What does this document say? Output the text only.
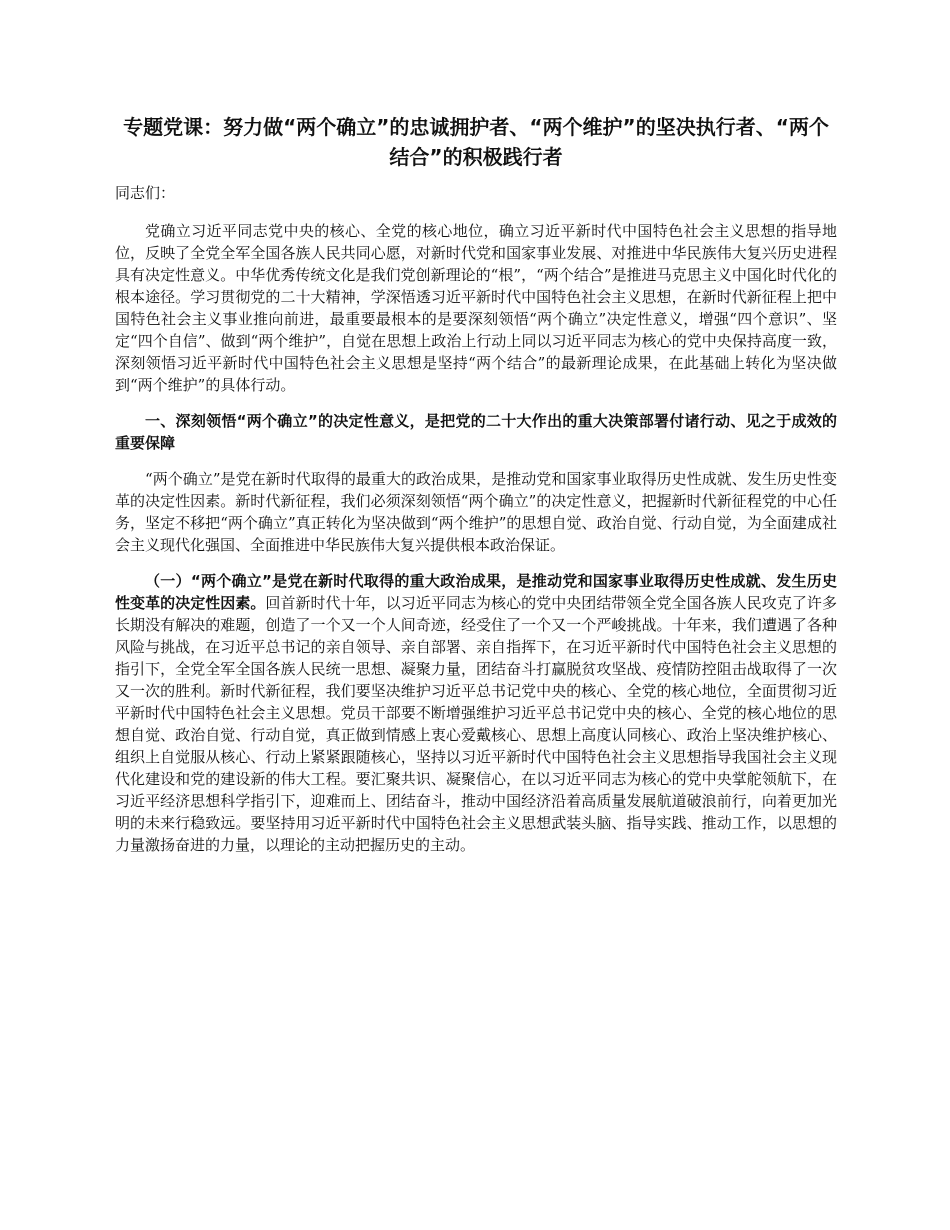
专题党课：努力做“两个确立”的忠诚拥护者、“两个维护”的坚决执行者、“两个结合”的积极践行者

同志们：

党确立习近平同志党中央的核心、全党的核心地位，确立习近平新时代中国特色社会主义思想的指导地位，反映了全党全军全国各族人民共同心愿，对新时代党和国家事业发展、对推进中华民族伟大复兴历史进程具有决定性意义。中华优秀传统文化是我们党创新理论的“根”，“两个结合”是推进马克思主义中国化时代化的根本途径。学习贯彻党的二十大精神，学深悟透习近平新时代中国特色社会主义思想，在新时代新征程上把中国特色社会主义事业推向前进，最重要最根本的是要深刻领悟“两个确立”决定性意义，增强“四个意识”、坚定“四个自信”、做到“两个维护”，自觉在思想上政治上行动上同以习近平同志为核心的党中央保持高度一致，深刻领悟习近平新时代中国特色社会主义思想是坚持“两个结合”的最新理论成果，在此基础上转化为坚决做到“两个维护”的具体行动。

一、深刻领悟“两个确立”的决定性意义，是把党的二十大作出的重大决策部署付诸行动、见之于成效的重要保障

“两个确立”是党在新时代取得的最重大的政治成果，是推动党和国家事业取得历史性成就、发生历史性变革的决定性因素。新时代新征程，我们必须深刻领悟“两个确立”的决定性意义，把握新时代新征程党的中心任务，坚定不移把“两个确立”真正转化为坚决做到“两个维护”的思想自觉、政治自觉、行动自觉，为全面建成社会主义现代化强国、全面推进中华民族伟大复兴提供根本政治保证。

（一）“两个确立”是党在新时代取得的重大政治成果，是推动党和国家事业取得历史性成就、发生历史性变革的决定性因素。回首新时代十年，以习近平同志为核心的党中央团结带领全党全国各族人民攻克了许多长期没有解决的难题，创造了一个又一个人间奇迹，经受住了一个又一个严峻挑战。十年来，我们遭遇了各种风险与挑战，在习近平总书记的亲自领导、亲自部署、亲自指挥下，在习近平新时代中国特色社会主义思想的指引下，全党全军全国各族人民统一思想、凝聚力量，团结奋斗打赢脱贫攻坚战、疫情防控阻击战取得了一次又一次的胜利。新时代新征程，我们要坚决维护习近平总书记党中央的核心、全党的核心地位，全面贯彻习近平新时代中国特色社会主义思想。党员干部要不断增强维护习近平总书记党中央的核心、全党的核心地位的思想自觉、政治自觉、行动自觉，真正做到情感上衷心爱戴核心、思想上高度认同核心、政治上坚决维护核心、组织上自觉服从核心、行动上紧紧跟随核心，坚持以习近平新时代中国特色社会主义思想指导我国社会主义现代化建设和党的建设新的伟大工程。要汇聚共识、凝聚信心，在以习近平同志为核心的党中央掌舵领航下，在习近平经济思想科学指引下，迎难而上、团结奋斗，推动中国经济沿着高质量发展航道破浪前行，向着更加光明的未来行稳致远。要坚持用习近平新时代中国特色社会主义思想武装头脑、指导实践、推动工作，以思想的力量激扬奋进的力量，以理论的主动把握历史的主动。
